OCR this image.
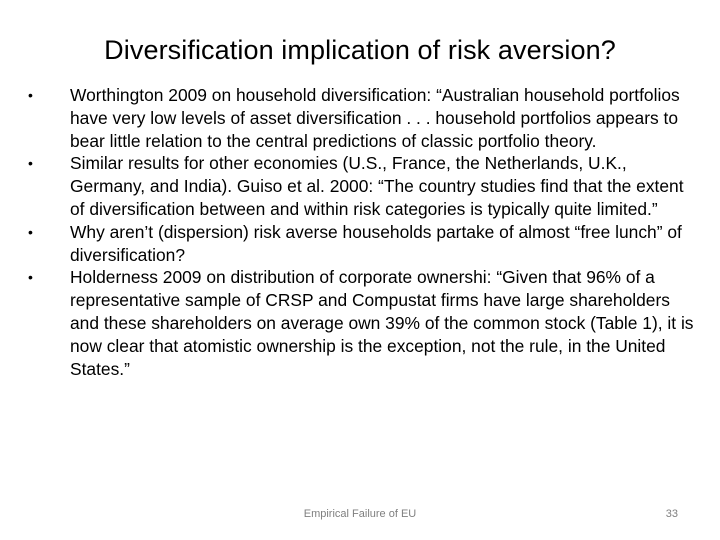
Diversification implication of risk aversion?
•	Worthington 2009 on household diversification: “Australian household portfolios have very low levels of asset diversification . . . household portfolios appears to bear little relation to the central predictions of classic portfolio theory.
•	Similar results for other economies (U.S., France, the Netherlands, U.K., Germany, and India). Guiso et al. 2000: “The country studies find that the extent of diversification between and within risk categories is typically quite limited.”
•	Why aren’t (dispersion) risk averse households partake of almost “free lunch” of diversification?
•	Holderness 2009 on distribution of corporate ownershi: “Given that 96% of a representative sample of CRSP and Compustat firms have large shareholders and these shareholders on average own 39% of the common stock (Table 1), it is now clear that atomistic ownership is the exception, not the rule, in the United States.”
Empirical Failure of EU	33
